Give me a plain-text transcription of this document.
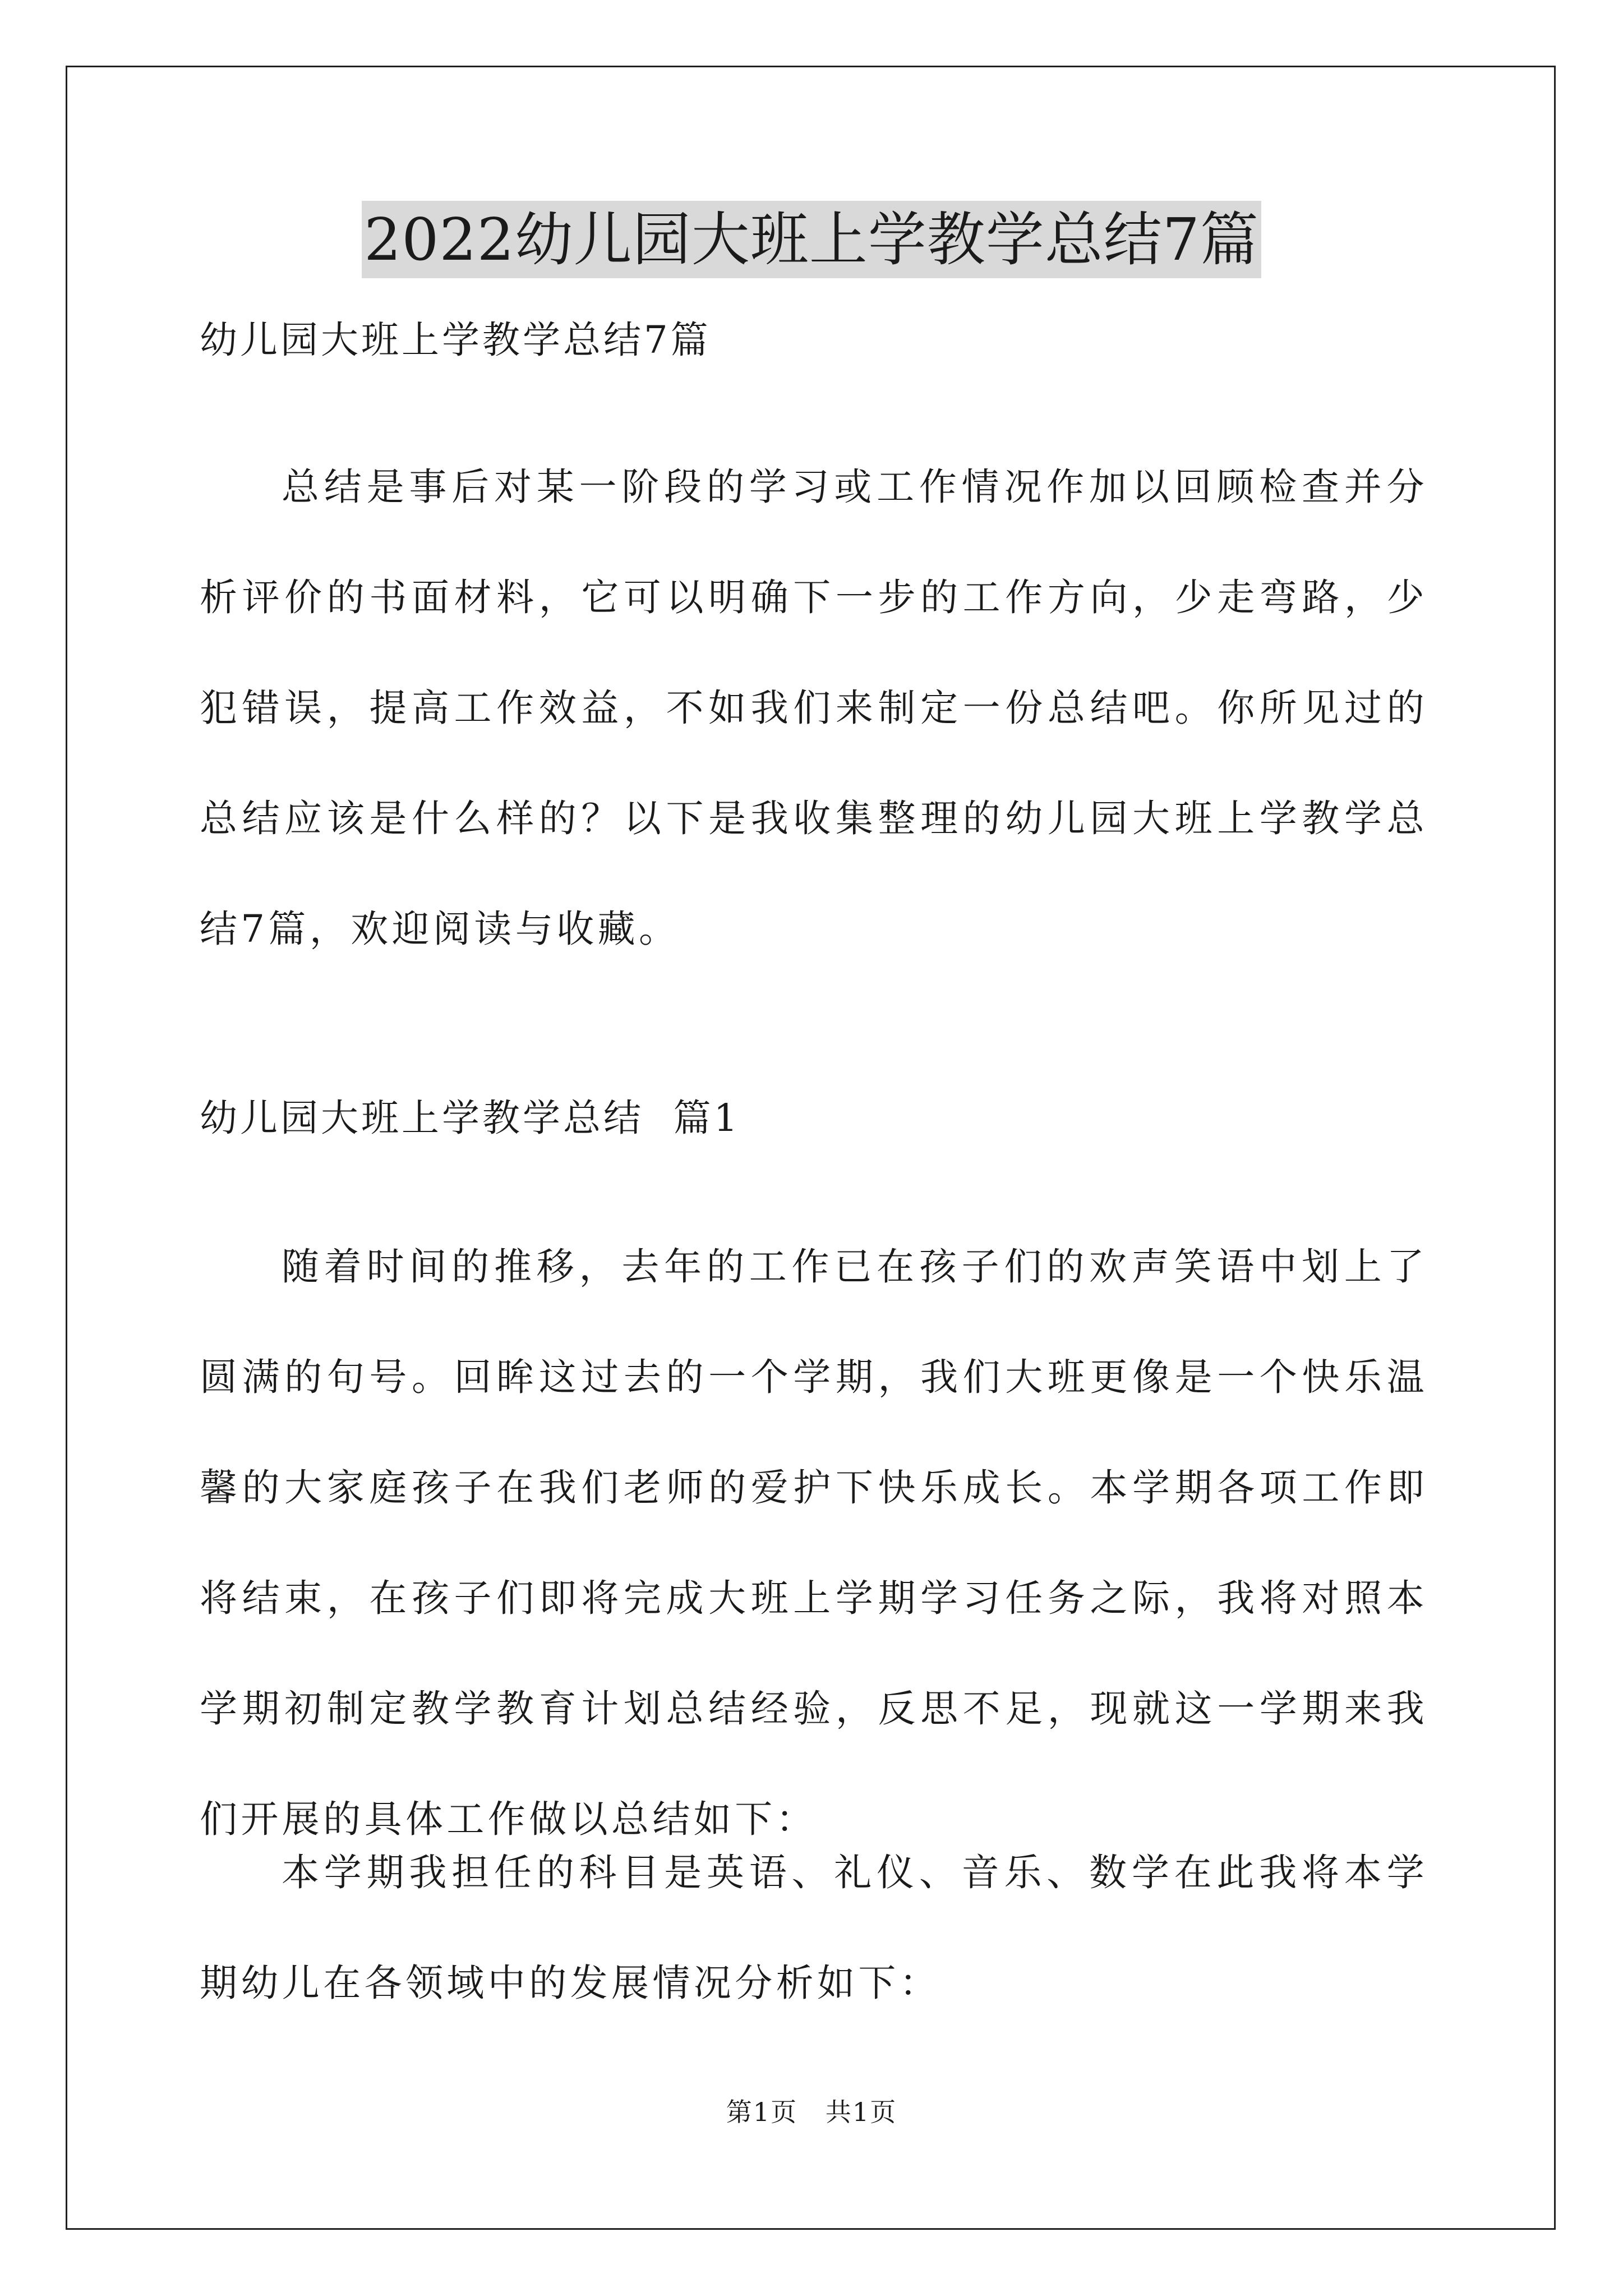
2022幼儿园大班上学教学总结7篇
幼儿园大班上学教学总结7篇
总结是事后对某一阶段的学习或工作情况作加以回顾检查并分析评价的书面材料，它可以明确下一步的工作方向，少走弯路，少犯错误，提高工作效益，不如我们来制定一份总结吧。你所见过的总结应该是什么样的？以下是我收集整理的幼儿园大班上学教学总结7篇，欢迎阅读与收藏。
幼儿园大班上学教学总结  篇1
随着时间的推移，去年的工作已在孩子们的欢声笑语中划上了圆满的句号。回眸这过去的一个学期，我们大班更像是一个快乐温馨的大家庭孩子在我们老师的爱护下快乐成长。本学期各项工作即将结束，在孩子们即将完成大班上学期学习任务之际，我将对照本学期初制定教学教育计划总结经验，反思不足，现就这一学期来我们开展的具体工作做以总结如下：
本学期我担任的科目是英语、礼仪、音乐、数学在此我将本学期幼儿在各领域中的发展情况分析如下：
第1页   共1页
